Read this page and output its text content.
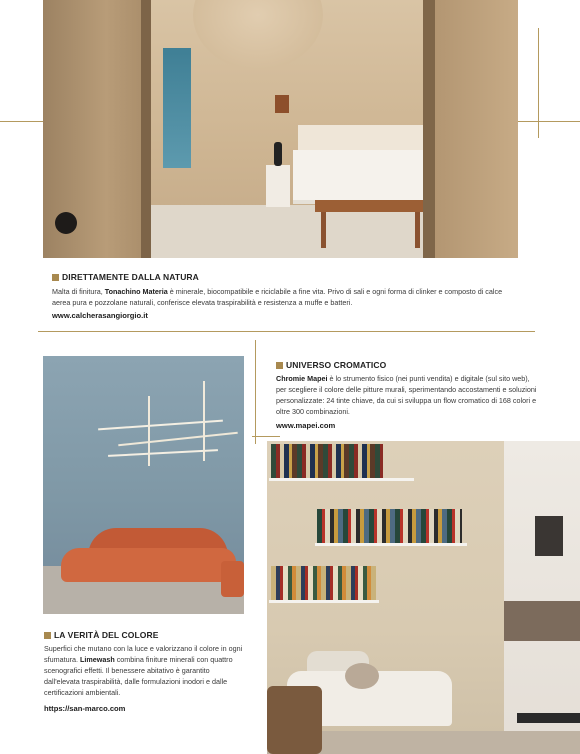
DIRETTAMENTE DALLA NATURA
Malta di finitura, Tonachino Materia è minerale, biocompatibile e riciclabile a fine vita. Privo di sali e ogni forma di clinker e composto di calce aerea pura e pozzolane naturali, conferisce elevata traspirabilità e resistenza a muffe e batteri.
www.calcherasangiorgio.it
UNIVERSO CROMATICO
Chromie Mapei è lo strumento fisico (nei punti vendita) e digitale (sul sito web), per scegliere il colore delle pitture murali, sperimentando accostamenti e soluzioni personalizzate: 24 tinte chiave, da cui si sviluppa un flow cromatico di 168 colori e oltre 300 combinazioni.
www.mapei.com
LA VERITÀ DEL COLORE
Superfici che mutano con la luce e valorizzano il colore in ogni sfumatura. Limewash combina finiture minerali con quattro scenografici effetti. Il benessere abitativo è garantito dall'elevata traspirabilità, dalle formulazioni inodori e dalle certificazioni ambientali.
https://san-marco.com
